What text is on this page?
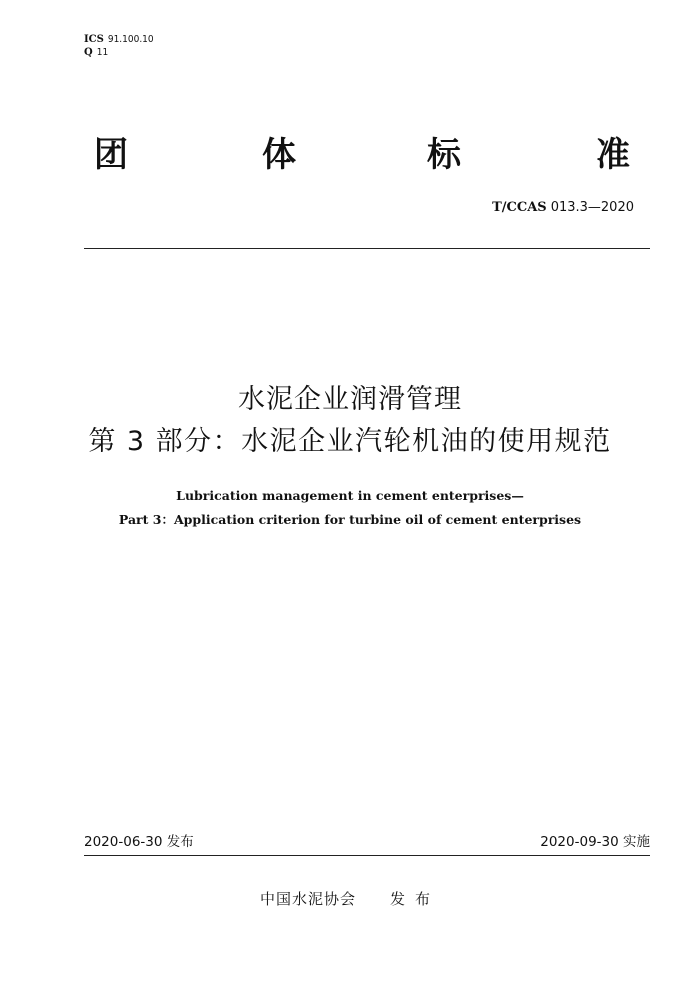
ICS 91.100.10
Q 11
团	体	标	准
T/CCAS 013.3—2020
水泥企业润滑管理
第 3 部分：水泥企业汽轮机油的使用规范
Lubrication management in cement enterprises—
Part 3：Application criterion for turbine oil of cement enterprises
2020-06-30 发布	2020-09-30 实施
中国水泥协会 发布
